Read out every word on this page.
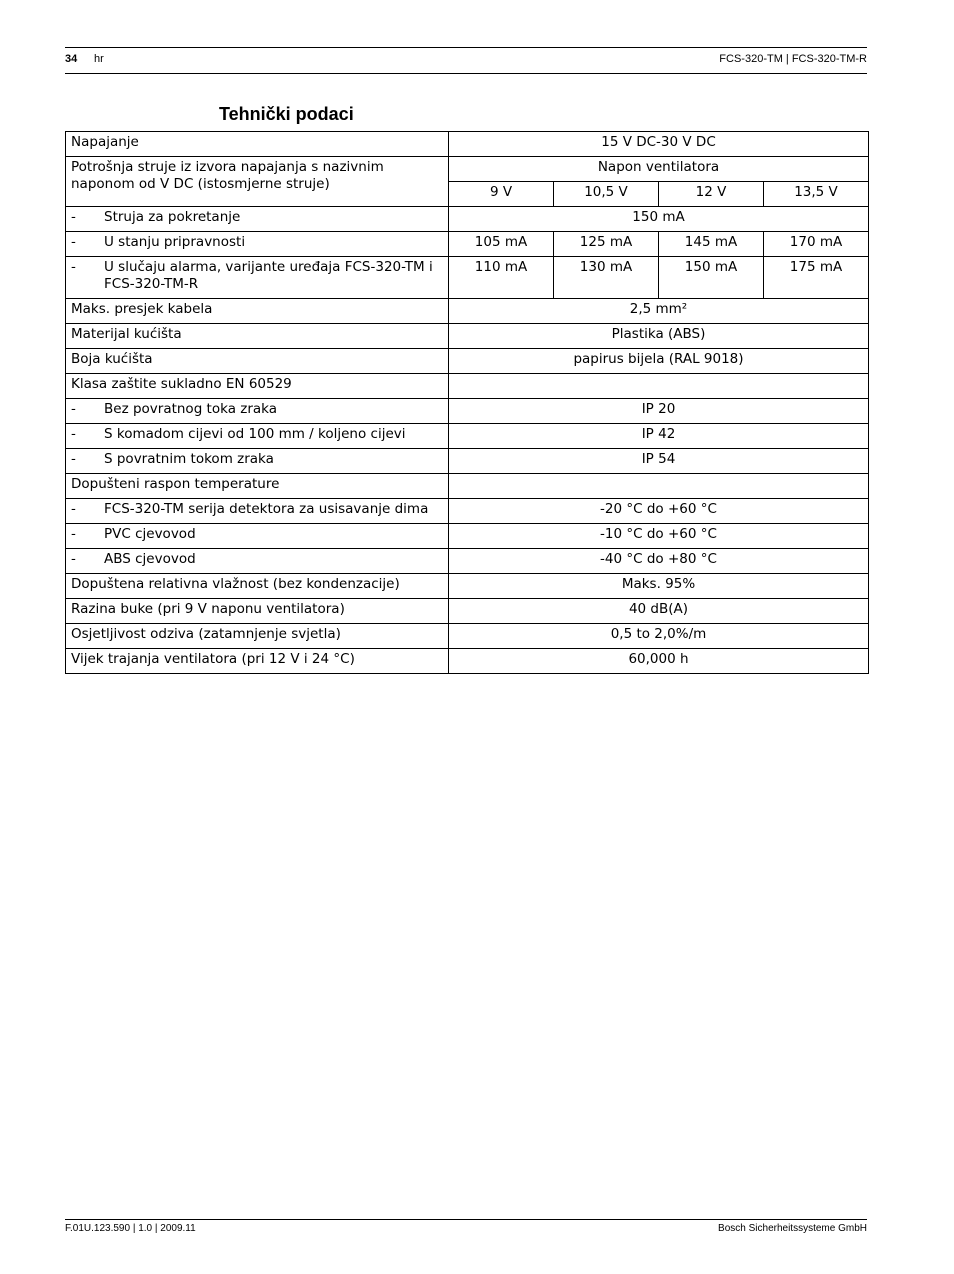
34 hr	FCS-320-TM | FCS-320-TM-R
Tehnički podaci
Napajanje	15 V DC-30 V DC			
Potrošnja struje iz izvora napajanja s nazivnim naponom od V DC (istosmjerne struje)	Napon ventilatora			
	9 V	10,5 V	12 V	13,5 V

- Struja za pokretanje	150 mA			

- U stanju pripravnosti	105 mA	125 mA	145 mA	170 mA

- U slučaju alarma, varijante uređaja FCS-320-TM i FCS-320-TM-R	110 mA	130 mA	150 mA	175 mA
Maks. presjek kabela	2,5 mm²			
Materijal kućišta	Plastika (ABS)			
Boja kućišta	papirus bijela (RAL 9018)			
Klasa zaštite sukladno EN 60529				

- Bez povratnog toka zraka	IP 20			

- S komadom cijevi od 100 mm / koljeno cijevi	IP 42			

- S povratnim tokom zraka	IP 54			
Dopušteni raspon temperature				

- FCS-320-TM serija detektora za usisavanje dima	-20 °C do +60 °C			

- PVC cjevovod	-10 °C do +60 °C			

- ABS cjevovod	-40 °C do +80 °C			
Dopuštena relativna vlažnost (bez kondenzacije)	Maks. 95%			
Razina buke (pri 9 V naponu ventilatora)	40 dB(A)			
Osjetljivost odziva (zatamnjenje svjetla)	0,5 to 2,0%/m			
Vijek trajanja ventilatora (pri 12 V i 24 °C)	60,000 h			
F.01U.123.590 | 1.0 | 2009.11	Bosch Sicherheitssysteme GmbH
